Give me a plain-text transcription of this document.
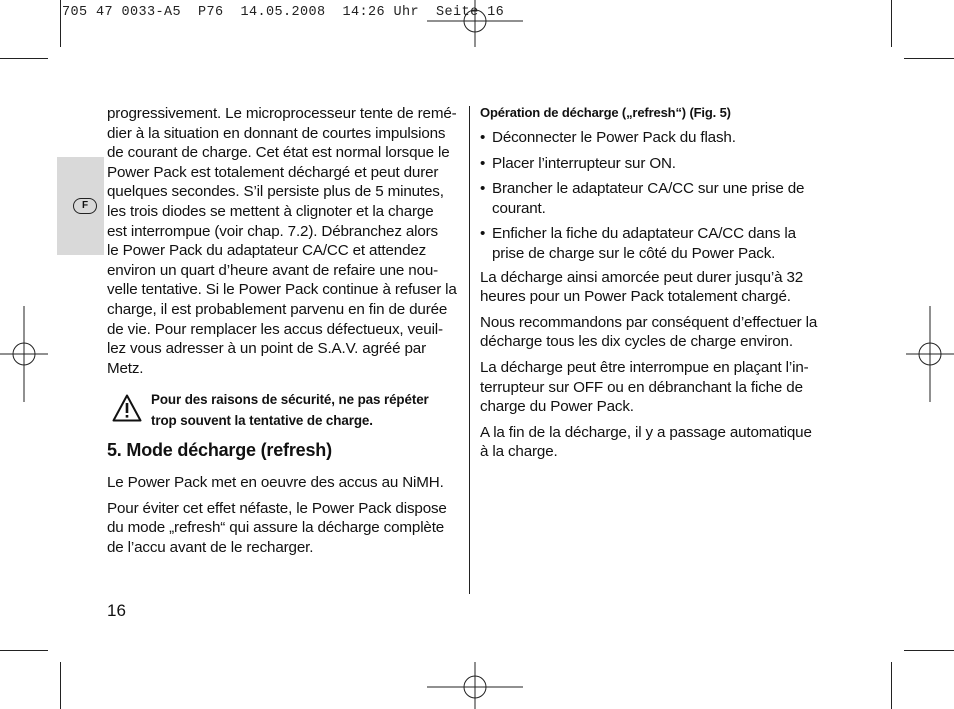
705 47 0033-A5  P76  14.05.2008  14:26 Uhr  Seite 16
F
progressivement. Le microprocesseur tente de remé-
dier à la situation en donnant de courtes impulsions
de courant de charge. Cet état est normal lorsque le
Power Pack est totalement déchargé et peut durer
quelques secondes. S’il persiste plus de 5 minutes,
les trois diodes se mettent à clignoter et la charge
est interrompue (voir chap. 7.2). Débranchez alors
le Power Pack du adaptateur CA/CC et attendez
environ un quart d’heure avant de refaire une nou-
velle tentative. Si le Power Pack continue à refuser la
charge, il est probablement parvenu en fin de durée
de vie. Pour remplacer les accus défectueux, veuil-
lez vous adresser à un point de S.A.V. agréé par
Metz.
Pour des raisons de sécurité, ne pas répéter
trop souvent la tentative de charge.
5. Mode décharge (refresh)
Le Power Pack met en oeuvre des accus au NiMH.
Pour éviter cet effet néfaste, le Power Pack dispose
du mode „refresh“ qui assure la décharge complète
de l’accu avant de le recharger.
Opération de décharge („refresh“) (Fig. 5)
• Déconnecter le Power Pack du flash.
• Placer l’interrupteur sur ON.
• Brancher le adaptateur CA/CC sur une prise de
courant.
• Enficher la fiche du adaptateur CA/CC dans la
prise de charge sur le côté du Power Pack.
La décharge ainsi amorcée peut durer jusqu’à 32
heures pour un Power Pack totalement chargé.
Nous recommandons par conséquent d’effectuer la
décharge tous les dix cycles de charge environ.
La décharge peut être interrompue en plaçant l’in-
terrupteur sur OFF ou en débranchant la fiche de
charge du Power Pack.
A la fin de la décharge, il y a passage automatique
à la charge.
16
